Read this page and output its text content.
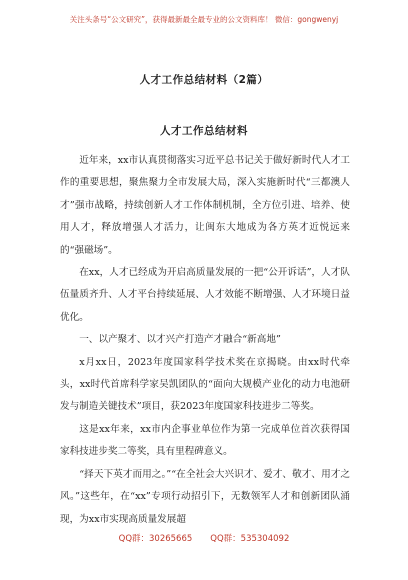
关注头条号“公文研究”，获得最新最全最专业的公文资料库！ 微信：gongwenyj
人才工作总结材料（2篇）
人才工作总结材料

近年来，xx市认真贯彻落实习近平总书记关于做好新时代人才工作的重要思想，聚焦聚力全市发展大局，深入实施新时代“三都澳人才”强市战略，持续创新人才工作体制机制，全方位引进、培养、使用人才，释放增强人才活力，让闽东大地成为各方英才近悦远来的“强磁场”。

在xx，人才已经成为开启高质量发展的一把“公开诉话”，人才队伍量质齐升、人才平台持续延展、人才效能不断增强、人才环境日益优化。

一、以产聚才、以才兴产打造产才融合“新高地”

x月xx日，2023年度国家科学技术奖在京揭晓。由xx时代牵头，xx时代首席科学家吴凯团队的“面向大规模产业化的动力电池研发与制造关键技术”项目，获2023年度国家科技进步二等奖。

这是xx年来，xx市内企事业单位作为第一完成单位首次获得国家科技进步奖二等奖，具有里程碑意义。

“择天下英才而用之。”“在全社会大兴识才、爱才、敬才、用才之风。”这些年，在“xx”专项行动招引下，无数领军人才和创新团队涌现，为xx市实现高质量发展超

QQ群：30265665 QQ群：535304092
